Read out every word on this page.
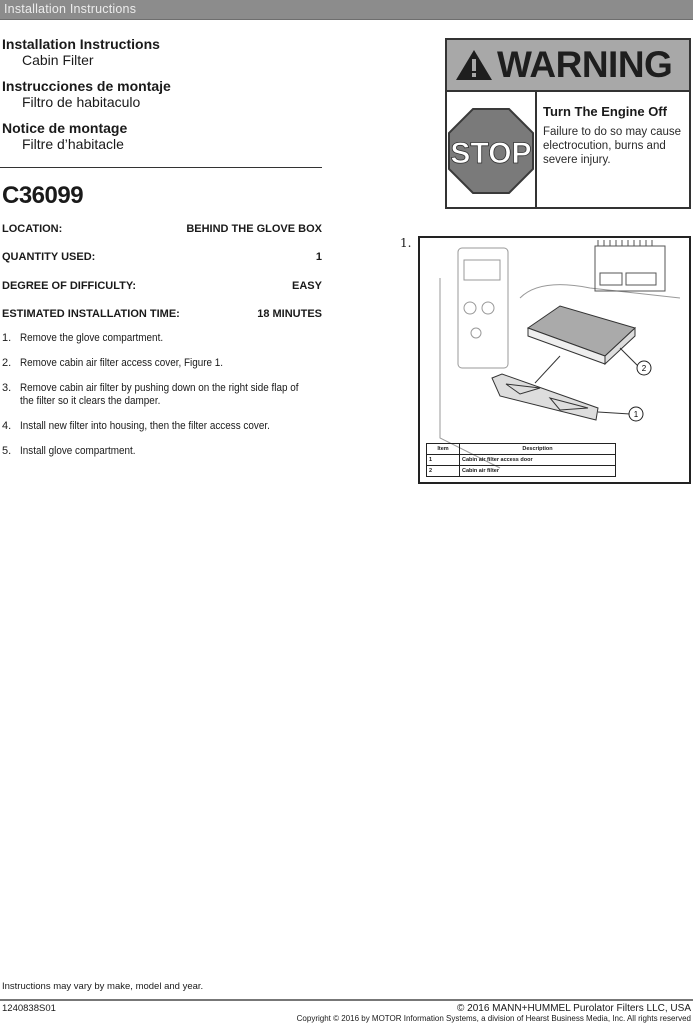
Installation Instructions
Installation Instructions
Cabin Filter
Instrucciones de montaje
Filtro de habitaculo
Notice de montage
Filtre d’habitacle
C36099
LOCATION:	BEHIND THE GLOVE BOX
QUANTITY USED:	1
DEGREE OF DIFFICULTY:	EASY
ESTIMATED INSTALLATION TIME:	18 MINUTES
1. Remove the glove compartment.
2. Remove cabin air filter access cover, Figure 1.
3. Remove cabin air filter by pushing down on the right side flap of the filter so it clears the damper.
4. Install new filter into housing, then the filter access cover.
5. Install glove compartment.
WARNING
STOP
Turn The Engine Off
Failure to do so may cause electrocution, burns and severe injury.
1.
2
1
Item	Description
1	Cabin air filter access door
2	Cabin air filter
Instructions may vary by make, model and year.
1240838S01	© 2016 MANN+HUMMEL Purolator Filters LLC, USA
Copyright © 2016 by MOTOR Information Systems, a division of Hearst Business Media, Inc. All rights reserved
